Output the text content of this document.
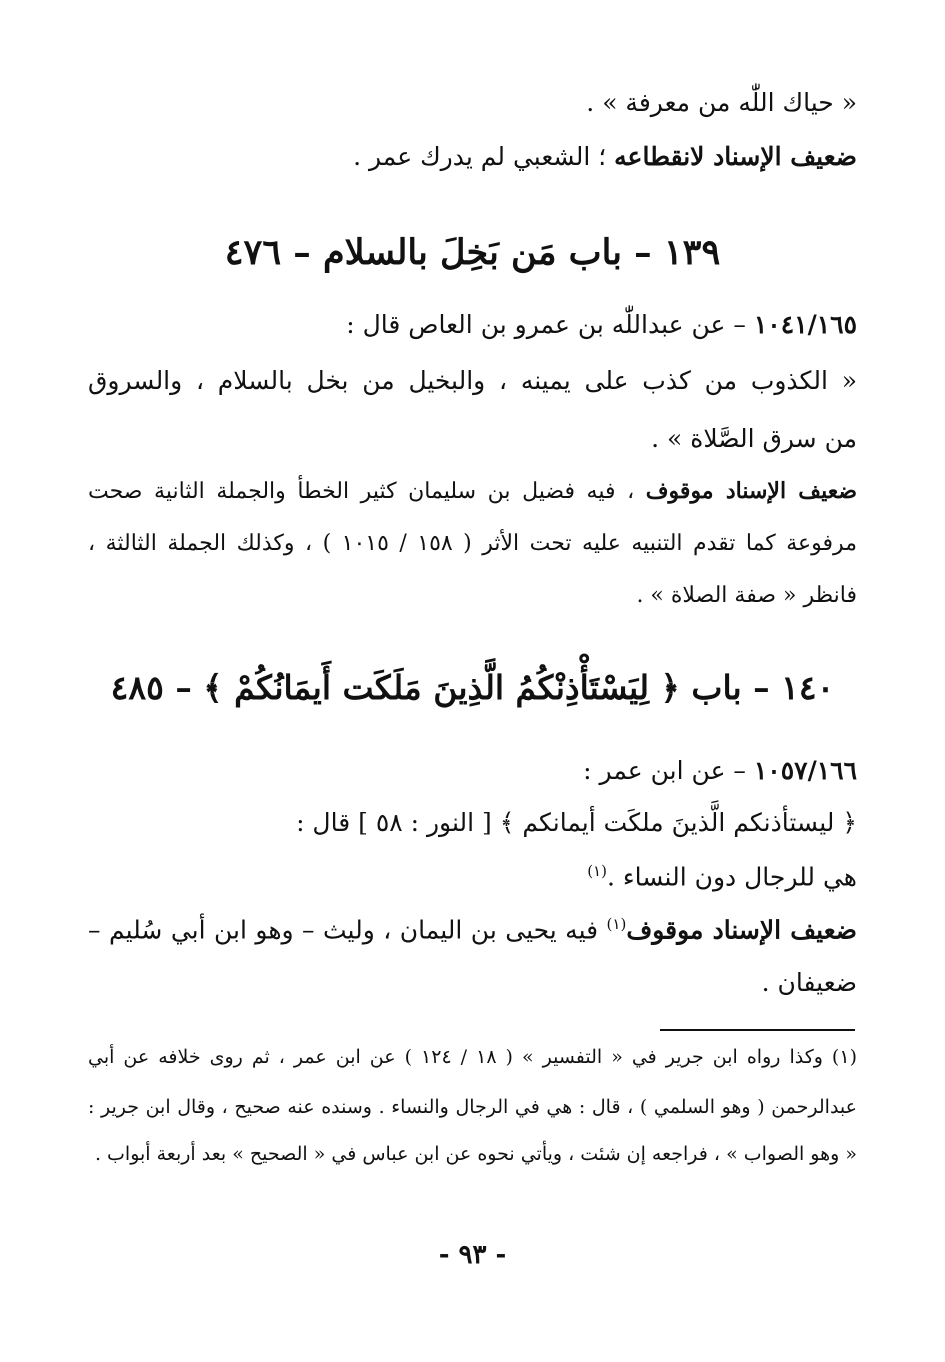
« حياك اللّٰه من معرفة » .
ضعيف الإسناد لانقطاعه ؛ الشعبي لم يدرك عمر .
١٣٩ – باب مَن بَخِلَ بالسلام – ٤٧٦
١٠٤١/١٦٥ – عن عبداللّٰه بن عمرو بن العاص قال :
« الكذوب من كذب على يمينه ، والبخيل من بخل بالسلام ، والسروق
من سرق الصَّلاة » .
ضعيف الإسناد موقوف ، فيه فضيل بن سليمان كثير الخطأ والجملة الثانية صحت
مرفوعة كما تقدم التنبيه عليه تحت الأثر ( ١٥٨ / ١٠١٥ ) ، وكذلك الجملة الثالثة ،
فانظر « صفة الصلاة » .
١٤٠ – باب ﴿ لِيَسْتَأْذِنْكُمُ الَّذِينَ مَلَكَت أَيمَانُكُمْ ﴾ – ٤٨٥
١٠٥٧/١٦٦ – عن ابن عمر :
﴿ ليستأذنكم الَّذينَ ملكَت أيمانكم ﴾ [ النور : ٥٨ ] قال :
هي للرجال دون النساء .$^{(١)}$
ضعيف الإسناد موقوف$^{(١)}$ فيه يحيى بن اليمان ، وليث – وهو ابن أبي سُليم –
ضعيفان .
(١) وكذا رواه ابن جرير في « التفسير » ( ١٨ / ١٢٤ ) عن ابن عمر ، ثم روى خلافه عن أبي
عبدالرحمن ( وهو السلمي ) ، قال : هي في الرجال والنساء . وسنده عنه صحيح ، وقال ابن جرير :
« وهو الصواب » ، فراجعه إن شئت ، ويأتي نحوه عن ابن عباس في « الصحيح » بعد أربعة أبواب .
- ٩٣ -
